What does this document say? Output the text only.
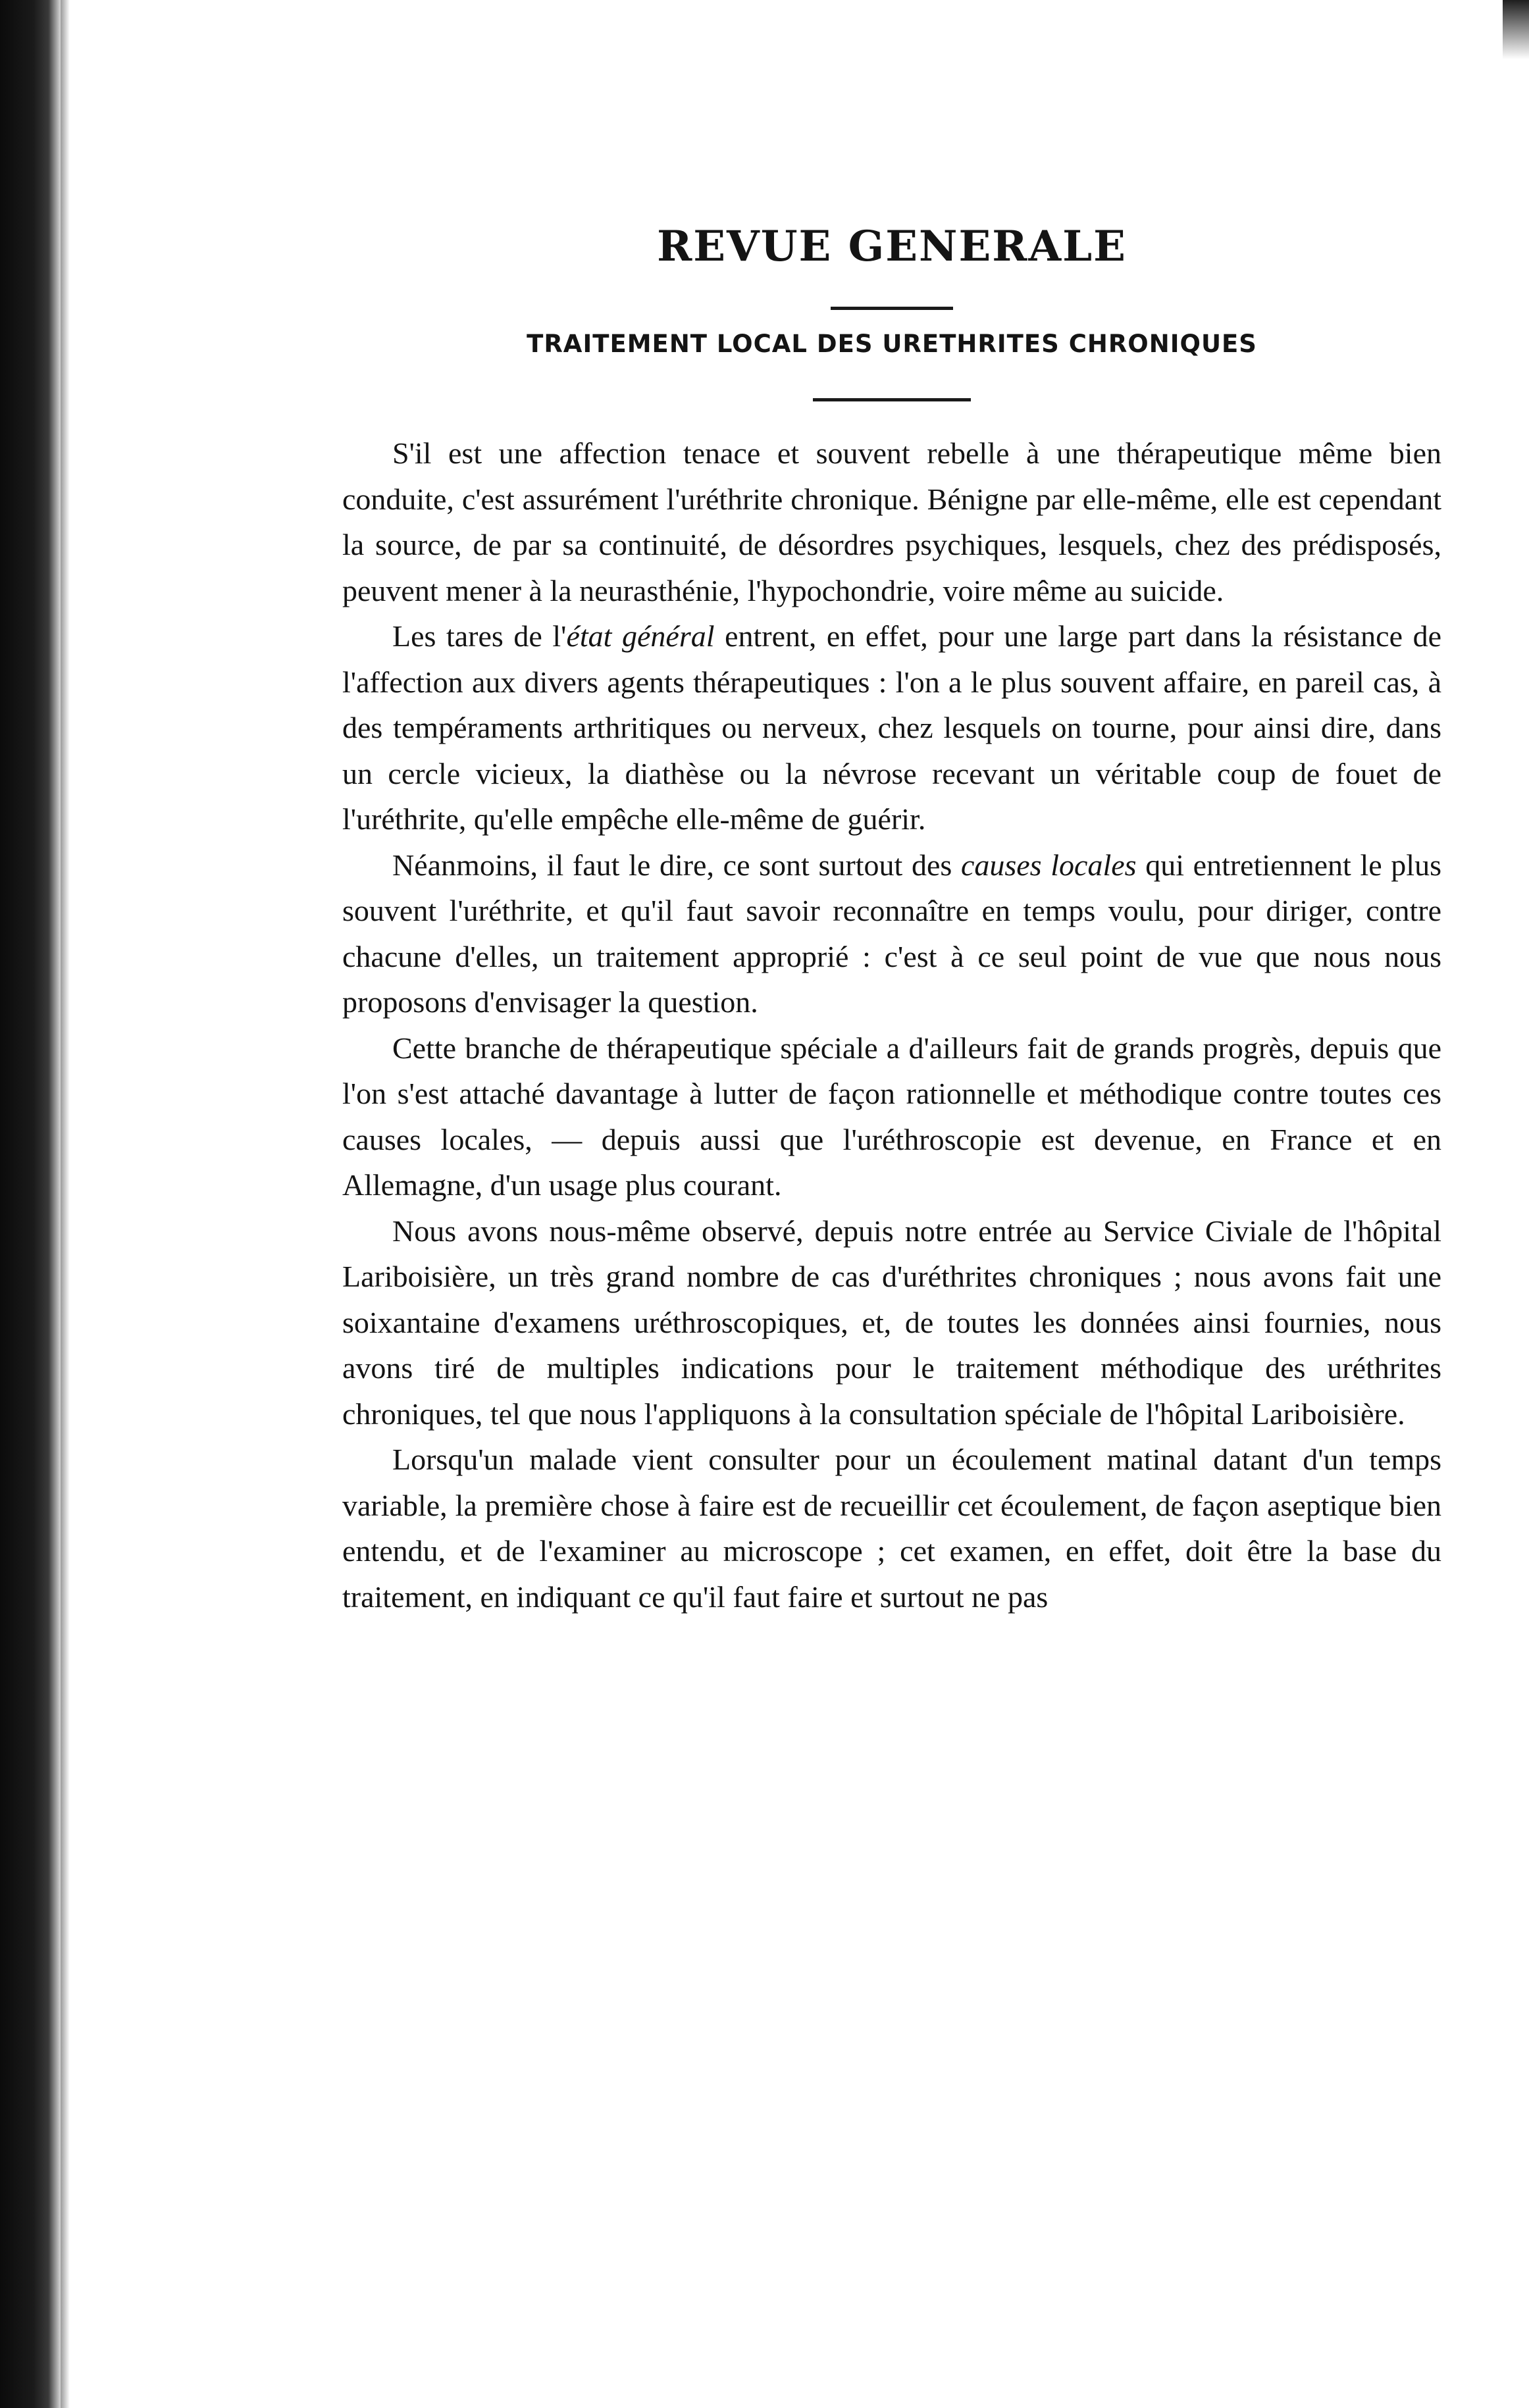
REVUE GENERALE
TRAITEMENT LOCAL DES URETHRITES CHRONIQUES

S'il est une affection tenace et souvent rebelle à une thérapeutique même bien conduite, c'est assurément l'uréthrite chronique. Bénigne par elle-même, elle est cependant la source, de par sa continuité, de désordres psychiques, lesquels, chez des prédisposés, peuvent mener à la neurasthénie, l'hypochondrie, voire même au suicide.

Les tares de l'état général entrent, en effet, pour une large part dans la résistance de l'affection aux divers agents thérapeutiques : l'on a le plus souvent affaire, en pareil cas, à des tempéraments arthritiques ou nerveux, chez lesquels on tourne, pour ainsi dire, dans un cercle vicieux, la diathèse ou la névrose recevant un véritable coup de fouet de l'uréthrite, qu'elle empêche elle-même de guérir.

Néanmoins, il faut le dire, ce sont surtout des causes locales qui entretiennent le plus souvent l'uréthrite, et qu'il faut savoir reconnaître en temps voulu, pour diriger, contre chacune d'elles, un traitement approprié : c'est à ce seul point de vue que nous nous proposons d'envisager la question.

Cette branche de thérapeutique spéciale a d'ailleurs fait de grands progrès, depuis que l'on s'est attaché davantage à lutter de façon rationnelle et méthodique contre toutes ces causes locales, — depuis aussi que l'uréthroscopie est devenue, en France et en Allemagne, d'un usage plus courant.

Nous avons nous-même observé, depuis notre entrée au Service Civiale de l'hôpital Lariboisière, un très grand nombre de cas d'uréthrites chroniques ; nous avons fait une soixantaine d'examens uréthroscopiques, et, de toutes les données ainsi fournies, nous avons tiré de multiples indications pour le traitement méthodique des uréthrites chroniques, tel que nous l'appliquons à la consultation spéciale de l'hôpital Lariboisière.

Lorsqu'un malade vient consulter pour un écoulement matinal datant d'un temps variable, la première chose à faire est de recueillir cet écoulement, de façon aseptique bien entendu, et de l'examiner au microscope ; cet examen, en effet, doit être la base du traitement, en indiquant ce qu'il faut faire et surtout ne pas
